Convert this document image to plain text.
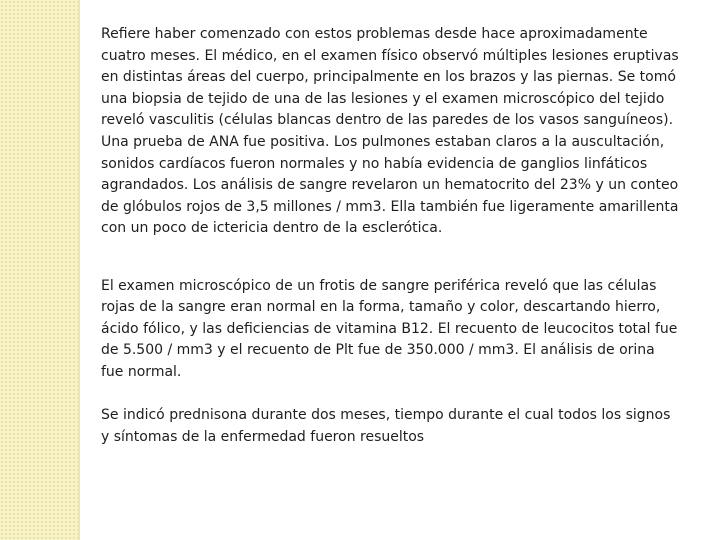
Refiere haber comenzado con estos problemas desde hace aproximadamente cuatro meses. El médico, en el examen físico observó múltiples lesiones eruptivas en distintas áreas del cuerpo, principalmente en los brazos y las piernas. Se tomó una biopsia de tejido de una de las lesiones y el examen microscópico del tejido reveló vasculitis (células blancas dentro de las paredes de los vasos sanguíneos). Una prueba de ANA fue positiva. Los pulmones estaban claros a la auscultación, sonidos cardíacos fueron normales y no había evidencia de ganglios linfáticos agrandados. Los análisis de sangre revelaron un hematocrito del 23% y un conteo de glóbulos rojos de 3,5 millones / mm3. Ella también fue ligeramente amarillenta con un poco de ictericia dentro de la esclerótica.

El examen microscópico de un frotis de sangre periférica reveló que las células rojas de la sangre eran normal en la forma, tamaño y color, descartando hierro, ácido fólico, y las deficiencias de vitamina B12. El recuento de leucocitos total fue de 5.500 / mm3 y el recuento de Plt fue de 350.000 / mm3. El análisis de orina fue normal.

Se indicó prednisona durante dos meses, tiempo durante el cual todos los signos y síntomas de la enfermedad fueron resueltos
